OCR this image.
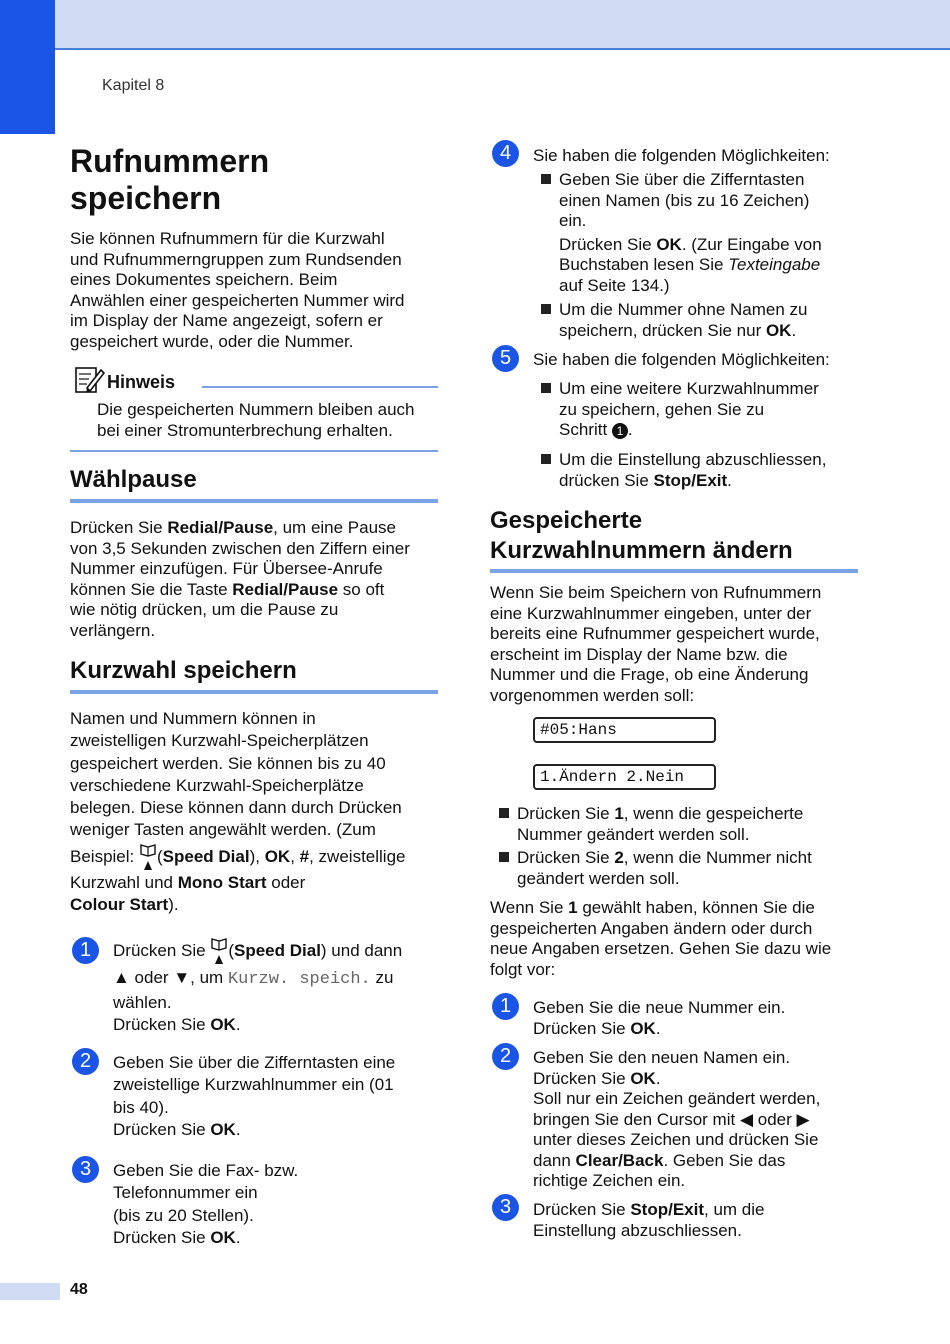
Kapitel 8
Rufnummern
speichern

Sie können Rufnummern für die Kurzwahl

und Rufnummerngruppen zum Rundsenden

eines Dokumentes speichern. Beim

Anwählen einer gespeicherten Nummer wird

im Display der Name angezeigt, sofern er

gespeichert wurde, oder die Nummer.

Hinweis

Die gespeicherten Nummern bleiben auch

bei einer Stromunterbrechung erhalten.

Wählpause

Drücken Sie Redial/Pause, um eine Pause

von 3,5 Sekunden zwischen den Ziffern einer

Nummer einzufügen. Für Übersee-Anrufe

können Sie die Taste Redial/Pause so oft

wie nötig drücken, um die Pause zu

verlängern.

Kurzwahl speichern

Namen und Nummern können in

zweistelligen Kurzwahl-Speicherplätzen

gespeichert werden. Sie können bis zu 40

verschiedene Kurzwahl-Speicherplätze

belegen. Diese können dann durch Drücken

weniger Tasten angewählt werden. (Zum

Beispiel: (Speed Dial), OK, #, zweistellige

Kurzwahl und Mono Start oder

Colour Start).

1	Drücken Sie (Speed Dial) und dann

▲ oder ▼, um Kurzw. speich. zu

wählen.

Drücken Sie OK.

2	Geben Sie über die Zifferntasten eine

zweistellige Kurzwahlnummer ein (01

bis 40).

Drücken Sie OK.

3	Geben Sie die Fax- bzw.

Telefonnummer ein

(bis zu 20 Stellen).

Drücken Sie OK.

4	Sie haben die folgenden Möglichkeiten:

Geben Sie über die Zifferntasten

einen Namen (bis zu 16 Zeichen)

ein.

Drücken Sie OK. (Zur Eingabe von

Buchstaben lesen Sie Texteingabe

auf Seite 134.)

Um die Nummer ohne Namen zu

speichern, drücken Sie nur OK.

5	Sie haben die folgenden Möglichkeiten:

Um eine weitere Kurzwahlnummer

zu speichern, gehen Sie zu

Schritt 1 .

Um die Einstellung abzuschliessen,

drücken Sie Stop/Exit.

Gespeicherte
Kurzwahlnummern ändern

Wenn Sie beim Speichern von Rufnummern

eine Kurzwahlnummer eingeben, unter der

bereits eine Rufnummer gespeichert wurde,

erscheint im Display der Name bzw. die

Nummer und die Frage, ob eine Änderung

vorgenommen werden soll:

#05:Hans
1.Ändern 2.Nein

Drücken Sie 1, wenn die gespeicherte

Nummer geändert werden soll.

Drücken Sie 2, wenn die Nummer nicht

geändert werden soll.

Wenn Sie 1 gewählt haben, können Sie die

gespeicherten Angaben ändern oder durch

neue Angaben ersetzen. Gehen Sie dazu wie

folgt vor:

1	Geben Sie die neue Nummer ein.

Drücken Sie OK.

2	Geben Sie den neuen Namen ein.

Drücken Sie OK.

Soll nur ein Zeichen geändert werden,

bringen Sie den Cursor mit ◀ oder ▶

unter dieses Zeichen und drücken Sie

dann Clear/Back. Geben Sie das

richtige Zeichen ein.

3	Drücken Sie Stop/Exit, um die

Einstellung abzuschliessen.

48
